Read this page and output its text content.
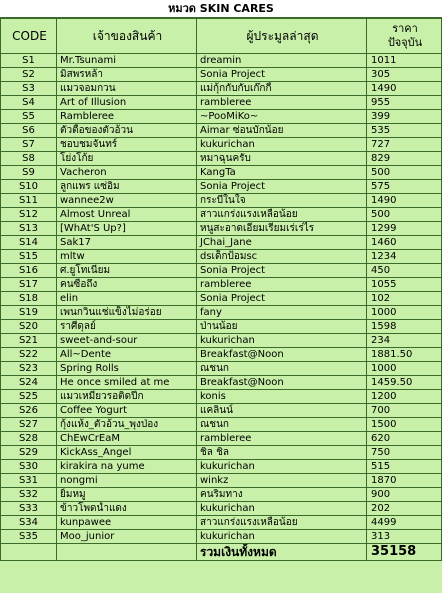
หมวด SKIN CARES
CODE	เจ้าของสินค้า	ผู้ประมูลล่าสุด	ราคา
ปัจจุบัน

S1	Mr.Tsunami	dreamin	1011
S2	มิสพรหล้า	Sonia Project	305
S3	แมวจอมกวน	แม่กุ้กกับกับเก๊กกี้	1490
S4	Art of Illusion	rambleree	955
S5	Rambleree	~PooMiKo~	399
S6	ตัวตื้อของตัวอ้วน	Aimar ซ่อนบักน้อย	535
S7	ชอบชมจันทร์	kukurichan	727
S8	โย่งโก้ย	หมาฉุนครับ	829
S9	Vacheron	KangTa	500
S10	ลูกแพร แซ่อิ่ม	Sonia Project	575
S11	wannee2w	กระบี่ในใจ	1490
S12	Almost Unreal	สาวแกร่งแรงเหลือน้อย	500
S13	[WhAt'S Up?]	หนูสะอาดเอี่ยมเรียมเร่เร่ไร	1299
S14	Sak17	JChai_Jane	1460
S15	mltw	dsเด็กป้อมsc	1234
S16	ศ.ยูโทเนียม	Sonia Project	450
S17	คนซื่อถึง	rambleree	1055
S18	elin	Sonia Project	102
S19	เพนกวินแช่แข็งไม่อร่อย	fany	1000
S20	ราศีดุลย์	ป่านน้อย	1598
S21	sweet-and-sour	kukurichan	234
S22	All~Dente	Breakfast@Noon	1881.50
S23	Spring Rolls	ณชนก	1000
S24	He once smiled at me	Breakfast@Noon	1459.50
S25	แมวเหมียวรอติดปีก	konis	1200
S26	Coffee Yogurt	แคลินน์	700
S27	กุ้งแห้ง_ตัวอ้วน_พุงป่อง	ณชนก	1500
S28	ChEwCrEaM	rambleree	620
S29	KickAss_Angel	ชิล ชิล	750
S30	kirakira na yume	kukurichan	515
S31	nongmi	winkz	1870
S32	ยิ้มหมู	คนริมทาง	900
S33	ข้าวโพดน้ำแดง	kukurichan	202
S34	kunpawee	สาวแกร่งแรงเหลือน้อย	4499
S35	Moo_junior	kukurichan	313
		รวมเงินทั้งหมด	35158
